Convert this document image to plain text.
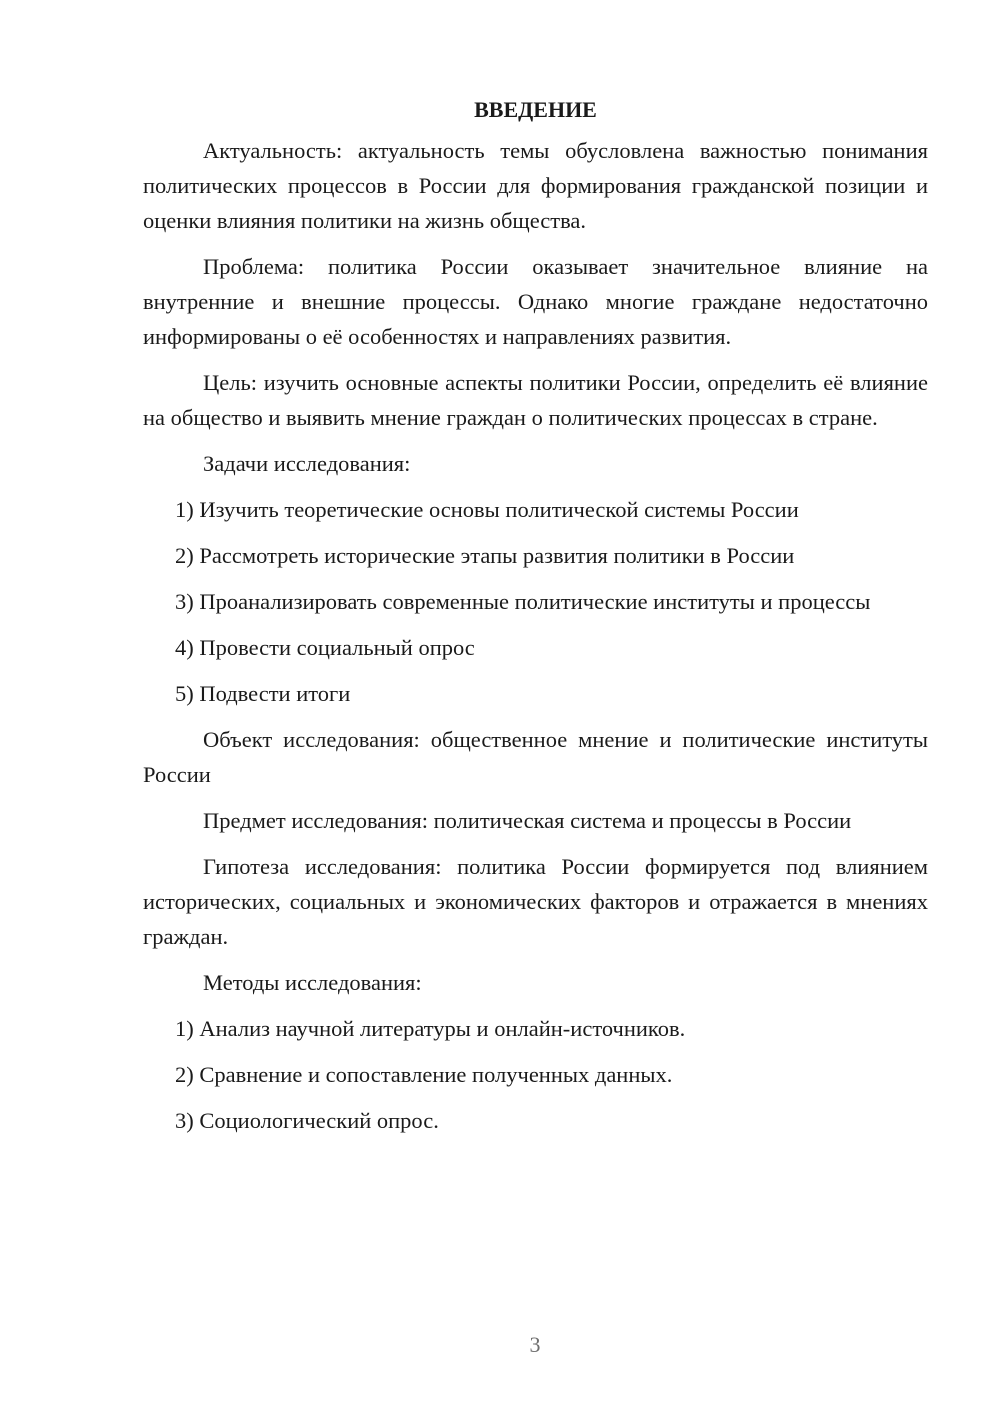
ВВЕДЕНИЕ

Актуальность: актуальность темы обусловлена важностью понимания политических процессов в России для формирования гражданской позиции и оценки влияния политики на жизнь общества.

Проблема: политика России оказывает значительное влияние на внутренние и внешние процессы. Однако многие граждане недостаточно информированы о её особенностях и направлениях развития.

Цель: изучить основные аспекты политики России, определить её влияние на общество и выявить мнение граждан о политических процессах в стране.

Задачи исследования:

1) Изучить теоретические основы политической системы России

2) Рассмотреть исторические этапы развития политики в России

3) Проанализировать современные политические институты и процессы

4) Провести социальный опрос

5) Подвести итоги

Объект исследования: общественное мнение и политические институты России

Предмет исследования: политическая система и процессы в России

Гипотеза исследования: политика России формируется под влиянием исторических, социальных и экономических факторов и отражается в мнениях граждан.

Методы исследования:

1) Анализ научной литературы и онлайн-источников.

2) Сравнение и сопоставление полученных данных.

3) Социологический опрос.

3
